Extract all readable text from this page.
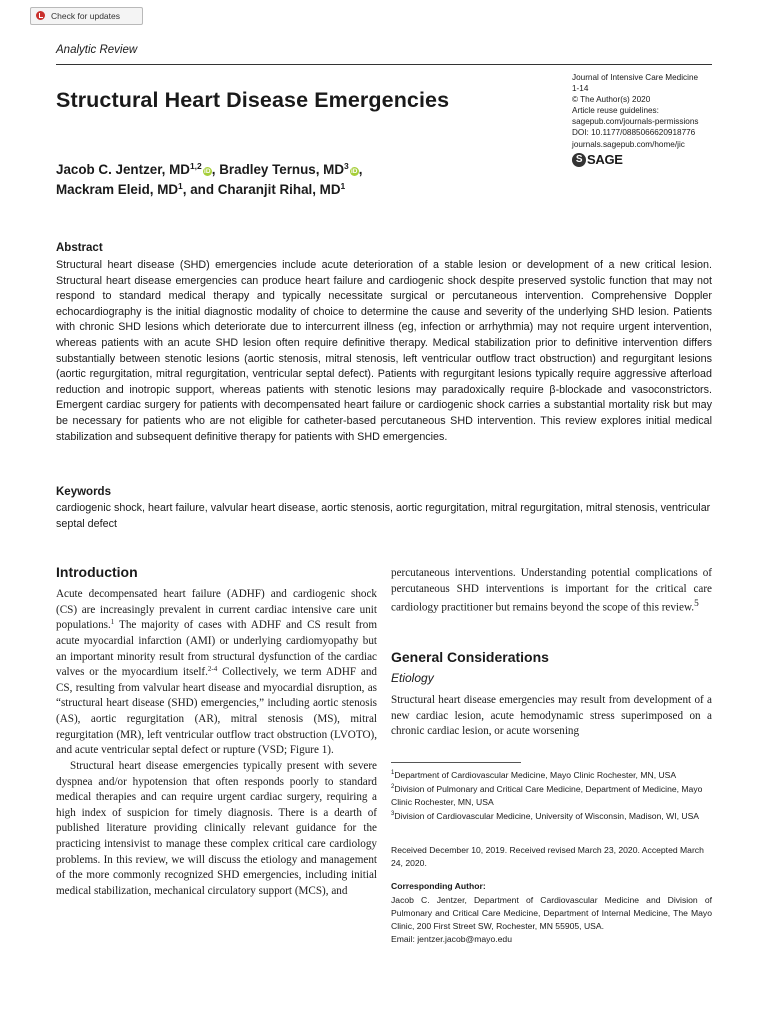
Check for updates
Analytic Review
Structural Heart Disease Emergencies
Journal of Intensive Care Medicine
1-14
© The Author(s) 2020
Article reuse guidelines:
sagepub.com/journals-permissions
DOI: 10.1177/0885066620918776
journals.sagepub.com/home/jic
S SAGE
Jacob C. Jentzer, MD$^{1,2}$iD, Bradley Ternus, $MD^3iD$,
Mackram Eleid, $MD^1$, and Charanjit Rihal, $MD^1$
Abstract
Structural heart disease (SHD) emergencies include acute deterioration of a stable lesion or development of a new critical lesion. Structural heart disease emergencies can produce heart failure and cardiogenic shock despite preserved systolic function that may not respond to standard medical therapy and typically necessitate surgical or percutaneous intervention. Comprehensive Doppler echocardiography is the initial diagnostic modality of choice to determine the cause and severity of the underlying SHD lesion. Patients with chronic SHD lesions which deteriorate due to intercurrent illness (eg, infection or arrhythmia) may not require urgent intervention, whereas patients with an acute SHD lesion often require definitive therapy. Medical stabilization prior to definitive intervention differs substantially between stenotic lesions (aortic stenosis, mitral stenosis, left ventricular outflow tract obstruction) and regurgitant lesions (aortic regurgitation, mitral regurgitation, ventricular septal defect). Patients with regurgitant lesions typically require aggressive afterload reduction and inotropic support, whereas patients with stenotic lesions may paradoxically require β-blockade and vasoconstrictors. Emergent cardiac surgery for patients with decompensated heart failure or cardiogenic shock carries a substantial mortality risk but may be necessary for patients who are not eligible for catheter-based percutaneous SHD intervention. This review explores initial medical stabilization and subsequent definitive therapy for patients with SHD emergencies.
Keywords
cardiogenic shock, heart failure, valvular heart disease, aortic stenosis, aortic regurgitation, mitral regurgitation, mitral stenosis, ventricular septal defect
Introduction

Acute decompensated heart failure (ADHF) and cardiogenic shock (CS) are increasingly prevalent in current cardiac intensive care unit populations.$^1$ The majority of cases with ADHF and CS result from acute myocardial infarction (AMI) or underlying cardiomyopathy but an important minority result from structural dysfunction of the cardiac valves or the myocardium itself.$^{2-4}$ Collectively, we term ADHF and CS, resulting from valvular heart disease and myocardial disruption, as “structural heart disease (SHD) emergencies,” including aortic stenosis (AS), aortic regurgitation (AR), mitral stenosis (MS), mitral regurgitation (MR), left ventricular outflow tract obstruction (LVOTO), and acute ventricular septal defect or rupture (VSD; Figure 1).

Structural heart disease emergencies typically present with severe dyspnea and/or hypotension that often responds poorly to standard medical therapies and can require urgent cardiac surgery, requiring a high index of suspicion for timely diagnosis. There is a dearth of published literature providing clinically relevant guidance for the practicing intensivist to manage these complex critical care cardiology problems. In this review, we will discuss the etiology and management of the more commonly recognized SHD emergencies, including initial medical stabilization, mechanical circulatory support (MCS), and

percutaneous interventions. Understanding potential complications of percutaneous SHD interventions is important for the critical care cardiology practitioner but remains beyond the scope of this review.$^5$
General Considerations
Etiology
Structural heart disease emergencies may result from development of a new cardiac lesion, acute hemodynamic stress superimposed on a chronic cardiac lesion, or acute worsening
$^1$Department of Cardiovascular Medicine, Mayo Clinic Rochester, MN, USA
$^2$Division of Pulmonary and Critical Care Medicine, Department of Medicine, Mayo Clinic Rochester, MN, USA
$^3$Division of Cardiovascular Medicine, University of Wisconsin, Madison, WI, USA
Received December 10, 2019. Received revised March 23, 2020. Accepted March 24, 2020.
Corresponding Author:
Jacob C. Jentzer, Department of Cardiovascular Medicine and Division of Pulmonary and Critical Care Medicine, Department of Internal Medicine, The Mayo Clinic, 200 First Street SW, Rochester, MN 55905, USA.
Email: jentzer.jacob@mayo.edu
